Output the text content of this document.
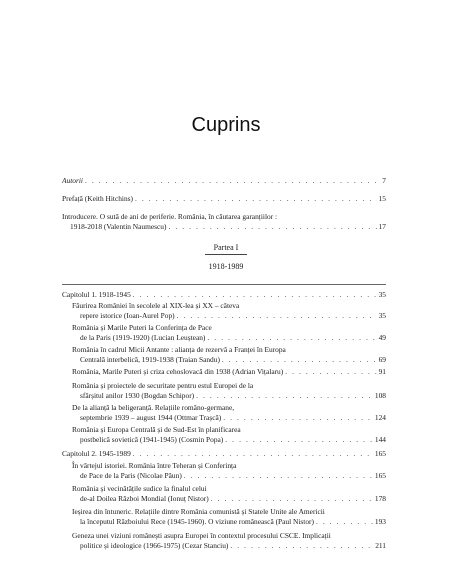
Cuprins
Autorii . . .	7
Prefață (Keith Hitchins) . . .	15
Introducere. O sută de ani de periferie. România, în căutarea garanțiilor :
1918-2018 (Valentin Naumescu) . . .	17
Partea I
1918-1989
Capitolul 1. 1918-1945 . . .	35
Făurirea României în secolele al XIX-lea și XX – câteva
repere istorice (Ioan-Aurel Pop) . . .	35
România și Marile Puteri la Conferința de Pace
de la Paris (1919-1920) (Lucian Leuștean) . . .	49
România în cadrul Micii Antante : alianța de rezervă a Franței în Europa
Centrală interbelică, 1919-1938 (Traian Sandu) . . .	69
România, Marile Puteri și criza cehoslovacă din 1938 (Adrian Vițalaru) . . .	91
România și proiectele de securitate pentru estul Europei de la
sfârșitul anilor 1930 (Bogdan Schipor) . . .	108
De la alianță la beligeranță. Relațiile româno-germane,
septembrie 1939 – august 1944 (Ottmar Trașcă) . . .	124
România și Europa Centrală și de Sud-Est în planificarea
postbelică sovietică (1941-1945) (Cosmin Popa) . . .	144
Capitolul 2. 1945-1989 . . .	165
În vârtejul istoriei. România între Teheran și Conferința
de Pace de la Paris (Nicolae Păun) . . .	165
România și vecinătățile sudice la finalul celui
de-al Doilea Război Mondial (Ionuț Nistor) . . .	178
Ieșirea din întuneric. Relațiile dintre România comunistă și Statele Unite ale Americii
la începutul Războiului Rece (1945-1960). O viziune românească (Paul Nistor) . . .	193
Geneza unei viziuni românești asupra Europei în contextul procesului CSCE. Implicații
politice și ideologice (1966-1975) (Cezar Stanciu) . . .	211
